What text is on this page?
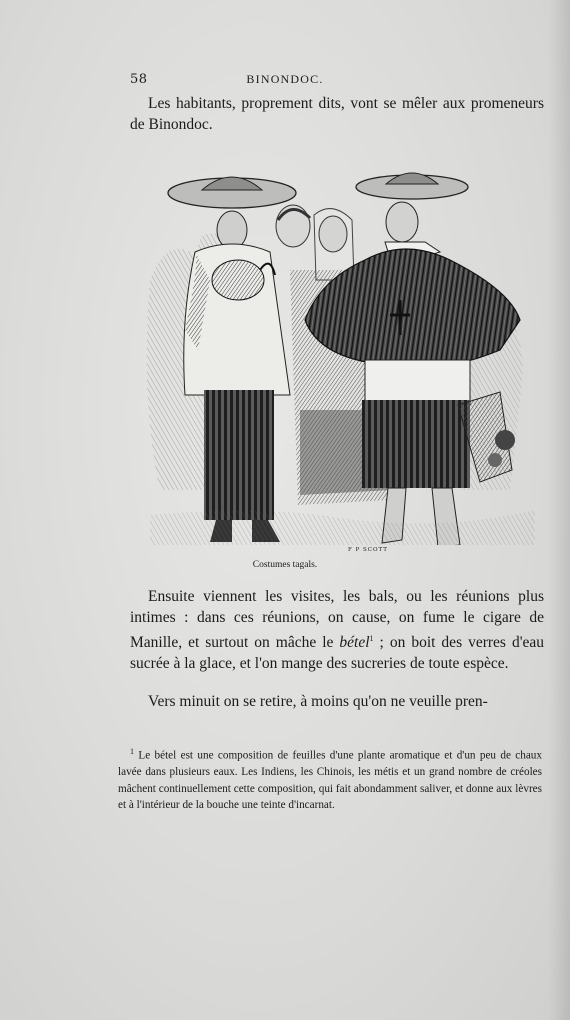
58	BINONDOC.

Les habitants, proprement dits, vont se mêler aux promeneurs de Binondoc.

F P SCOTT
Costumes tagals.

Ensuite viennent les visites, les bals, ou les réunions plus intimes : dans ces réunions, on cause, on fume le cigare de Manille, et surtout on mâche le bétel$^1$ ; on boit des verres d'eau sucrée à la glace, et l'on mange des sucreries de toute espèce.

Vers minuit on se retire, à moins qu'on ne veuille pren-

$^1$ Le bétel est une composition de feuilles d'une plante aromatique et d'un peu de chaux lavée dans plusieurs eaux. Les Indiens, les Chinois, les métis et un grand nombre de créoles mâchent continuellement cette composition, qui fait abondamment saliver, et donne aux lèvres et à l'intérieur de la bouche une teinte d'incarnat.
